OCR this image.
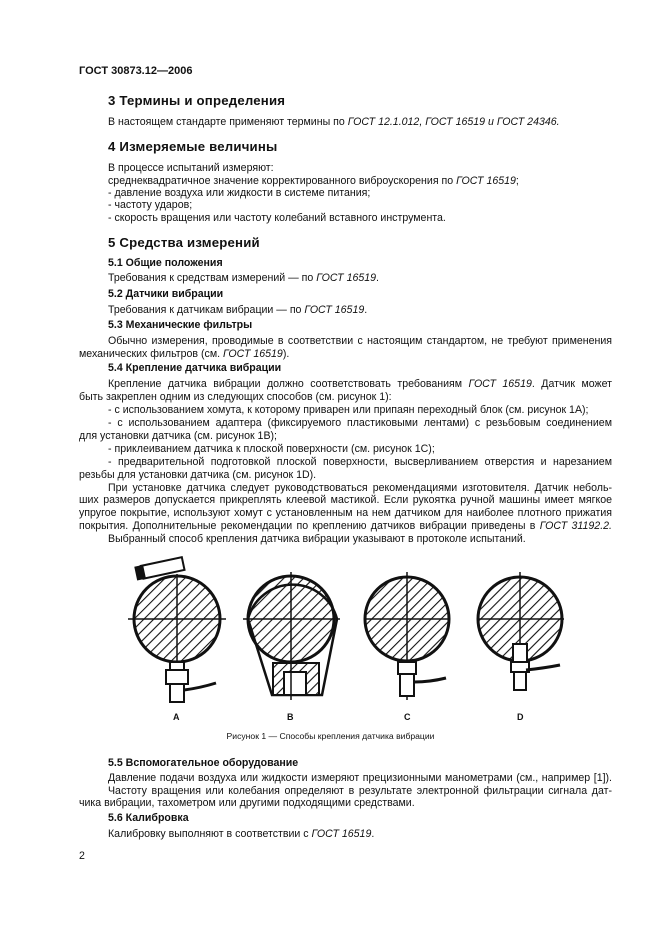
ГОСТ 30873.12—2006
3 Термины и определения
В настоящем стандарте применяют термины по ГОСТ 12.1.012, ГОСТ 16519 и ГОСТ 24346.
4 Измеряемые величины
В процессе испытаний измеряют:
среднеквадратичное значение корректированного виброускорения по ГОСТ 16519;
- давление воздуха или жидкости в системе питания;
- частоту ударов;
- скорость вращения или частоту колебаний вставного инструмента.
5 Средства измерений
5.1 Общие положения
Требования к средствам измерений — по ГОСТ 16519.
5.2 Датчики вибрации
Требования к датчикам вибрации — по ГОСТ 16519.
5.3 Механические фильтры
Обычно измерения, проводимые в соответствии с настоящим стандартом, не требуют применения
механических фильтров (см. ГОСТ 16519).
5.4 Крепление датчика вибрации
Крепление датчика вибрации должно соответствовать требованиям ГОСТ 16519. Датчик может
быть закреплен одним из следующих способов (см. рисунок 1):
- с использованием хомута, к которому приварен или припаян переходный блок (см. рисунок 1А);
- с использованием адаптера (фиксируемого пластиковыми лентами) с резьбовым соединением
для установки датчика (см. рисунок 1В);
- приклеиванием датчика к плоской поверхности (см. рисунок 1С);
- предварительной подготовкой плоской поверхности, высверливанием отверстия и нарезанием
резьбы для установки датчика (см. рисунок 1D).
При установке датчика следует руководствоваться рекомендациями изготовителя. Датчик неболь-
ших размеров допускается прикреплять клеевой мастикой. Если рукоятка ручной машины имеет мягкое
упругое покрытие, используют хомут с установленным на нем датчиком для наиболее плотного прижатия
покрытия. Дополнительные рекомендации по креплению датчиков вибрации приведены в ГОСТ 31192.2.
Выбранный способ крепления датчика вибрации указывают в протоколе испытаний.
A	B	C	D
Рисунок 1 — Способы крепления датчика вибрации
5.5 Вспомогательное оборудование
Давление подачи воздуха или жидкости измеряют прецизионными манометрами (см., например [1]).
Частоту вращения или колебания определяют в результате электронной фильтрации сигнала дат-
чика вибрации, тахометром или другими подходящими средствами.
5.6 Калибровка
Калибровку выполняют в соответствии с ГОСТ 16519.
2
